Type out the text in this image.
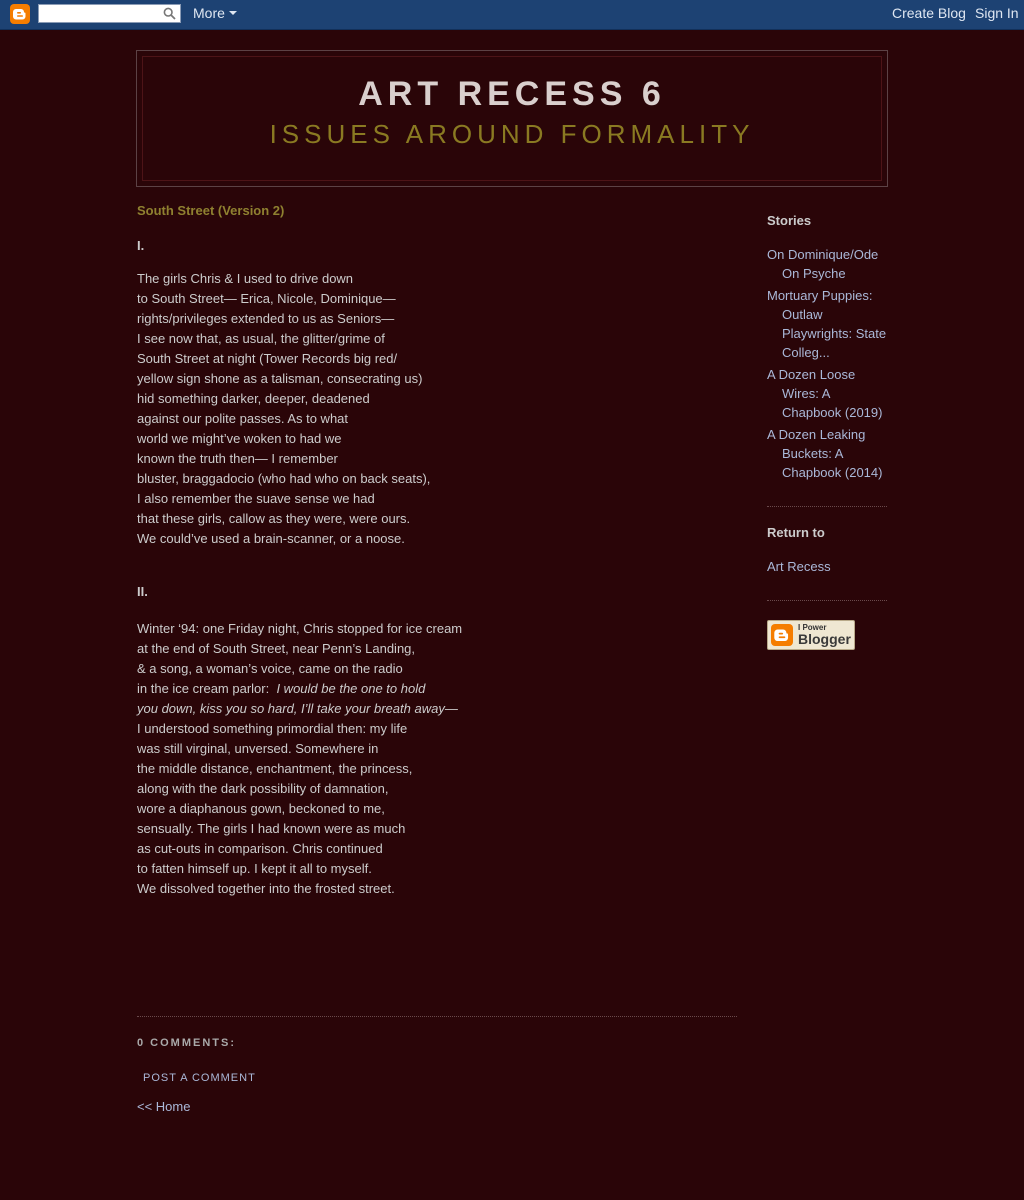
More	Create Blog Sign In
ART RECESS 6
ISSUES AROUND FORMALITY
South Street (Version 2)
I.
The girls Chris & I used to drive down
to South Street— Erica, Nicole, Dominique—
rights/privileges extended to us as Seniors—
I see now that, as usual, the glitter/grime of
South Street at night (Tower Records big red/
yellow sign shone as a talisman, consecrating us)
hid something darker, deeper, deadened
against our polite passes. As to what
world we might’ve woken to had we
known the truth then— I remember
bluster, braggadocio (who had who on back seats),
I also remember the suave sense we had
that these girls, callow as they were, were ours.
We could’ve used a brain-scanner, or a noose.
II.
Winter ‘94: one Friday night, Chris stopped for ice cream
at the end of South Street, near Penn’s Landing,
& a song, a woman’s voice, came on the radio
in the ice cream parlor:  I would be the one to hold
you down, kiss you so hard, I’ll take your breath away—
I understood something primordial then: my life
was still virginal, unversed. Somewhere in
the middle distance, enchantment, the princess,
along with the dark possibility of damnation,
wore a diaphanous gown, beckoned to me,
sensually. The girls I had known were as much
as cut-outs in comparison. Chris continued
to fatten himself up. I kept it all to myself.
We dissolved together into the frosted street.
0 COMMENTS:
POST A COMMENT
<< Home
Stories
On Dominique/Ode On Psyche
Mortuary Puppies: Outlaw Playwrights: State Colleg...
A Dozen Loose Wires: A Chapbook (2019)
A Dozen Leaking Buckets: A Chapbook (2014)
Return to
Art Recess
I Power
Blogger
